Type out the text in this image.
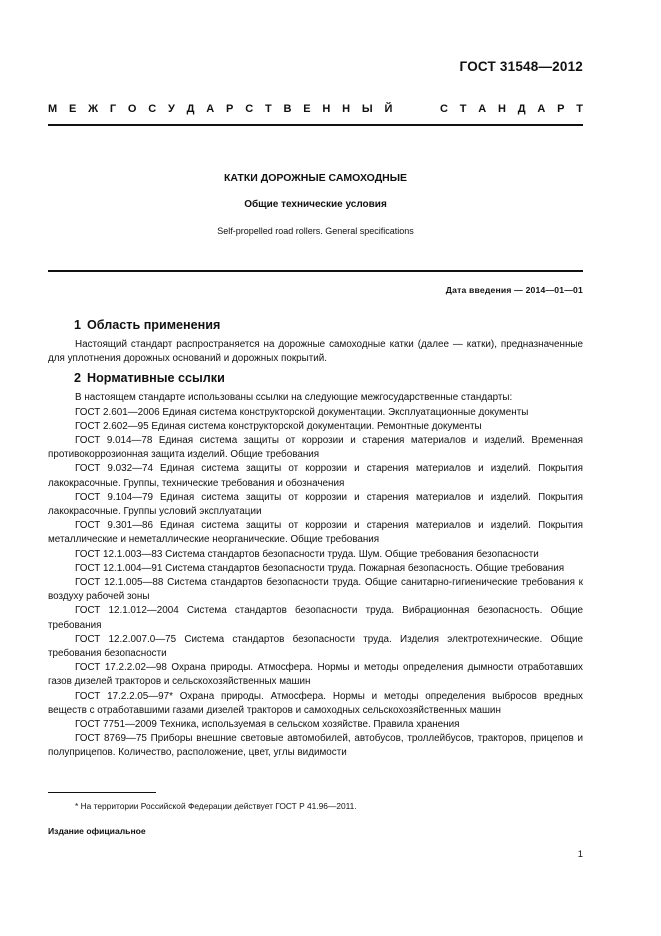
ГОСТ 31548—2012
М Е Ж Г О С У Д А Р С Т В Е Н Н Ы Й	С Т А Н Д А Р Т
КАТКИ ДОРОЖНЫЕ САМОХОДНЫЕ
Общие технические условия
Self-propelled road rollers. General specifications
Дата введения — 2014—01—01
1 Область применения

Настоящий стандарт распространяется на дорожные самоходные катки (далее — катки), предназначенные для уплотнения дорожных оснований и дорожных покрытий.

2 Нормативные ссылки

В настоящем стандарте использованы ссылки на следующие межгосударственные стандарты:

ГОСТ 2.601—2006 Единая система конструкторской документации. Эксплуатационные документы

ГОСТ 2.602—95 Единая система конструкторской документации. Ремонтные документы

ГОСТ 9.014—78 Единая система защиты от коррозии и старения материалов и изделий. Временная противокоррозионная защита изделий. Общие требования

ГОСТ 9.032—74 Единая система защиты от коррозии и старения материалов и изделий. Покрытия лакокрасочные. Группы, технические требования и обозначения

ГОСТ 9.104—79 Единая система защиты от коррозии и старения материалов и изделий. Покрытия лакокрасочные. Группы условий эксплуатации

ГОСТ 9.301—86 Единая система защиты от коррозии и старения материалов и изделий. Покрытия металлические и неметаллические неорганические. Общие требования

ГОСТ 12.1.003—83 Система стандартов безопасности труда. Шум. Общие требования безопасности

ГОСТ 12.1.004—91 Система стандартов безопасности труда. Пожарная безопасность. Общие требования

ГОСТ 12.1.005—88 Система стандартов безопасности труда. Общие санитарно-гигиенические требования к воздуху рабочей зоны

ГОСТ 12.1.012—2004 Система стандартов безопасности труда. Вибрационная безопасность. Общие требования

ГОСТ 12.2.007.0—75 Система стандартов безопасности труда. Изделия электротехнические. Общие требования безопасности

ГОСТ 17.2.2.02—98 Охрана природы. Атмосфера. Нормы и методы определения дымности отработавших газов дизелей тракторов и сельскохозяйственных машин

ГОСТ 17.2.2.05—97* Охрана природы. Атмосфера. Нормы и методы определения выбросов вредных веществ с отработавшими газами дизелей тракторов и самоходных сельскохозяйственных машин

ГОСТ 7751—2009 Техника, используемая в сельском хозяйстве. Правила хранения

ГОСТ 8769—75 Приборы внешние световые автомобилей, автобусов, троллейбусов, тракторов, прицепов и полуприцепов. Количество, расположение, цвет, углы видимости

* На территории Российской Федерации действует ГОСТ Р 41.96—2011.
Издание официальное
1
